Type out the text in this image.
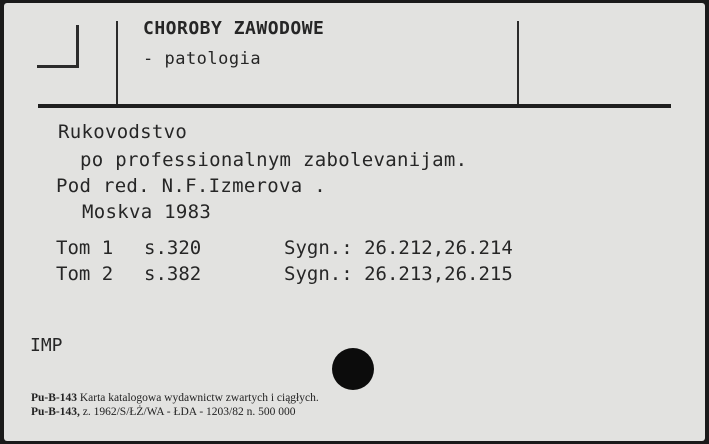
CHOROBY ZAWODOWE
- patologia
Rukovodstvo
po professionalnym zabolevanijam.
Pod red. N.F.Izmerova .
Moskva 1983
Tom 1 s.320	Sygn.: 26.212,26.214
Tom 2 s.382	Sygn.: 26.213,26.215
IMP
Pu-B-143 Karta katalogowa wydawnictw zwartych i ciągłych.
Pu-B-143, z. 1962/S/ŁŻ/WA - ŁDA - 1203/82 n. 500 000
